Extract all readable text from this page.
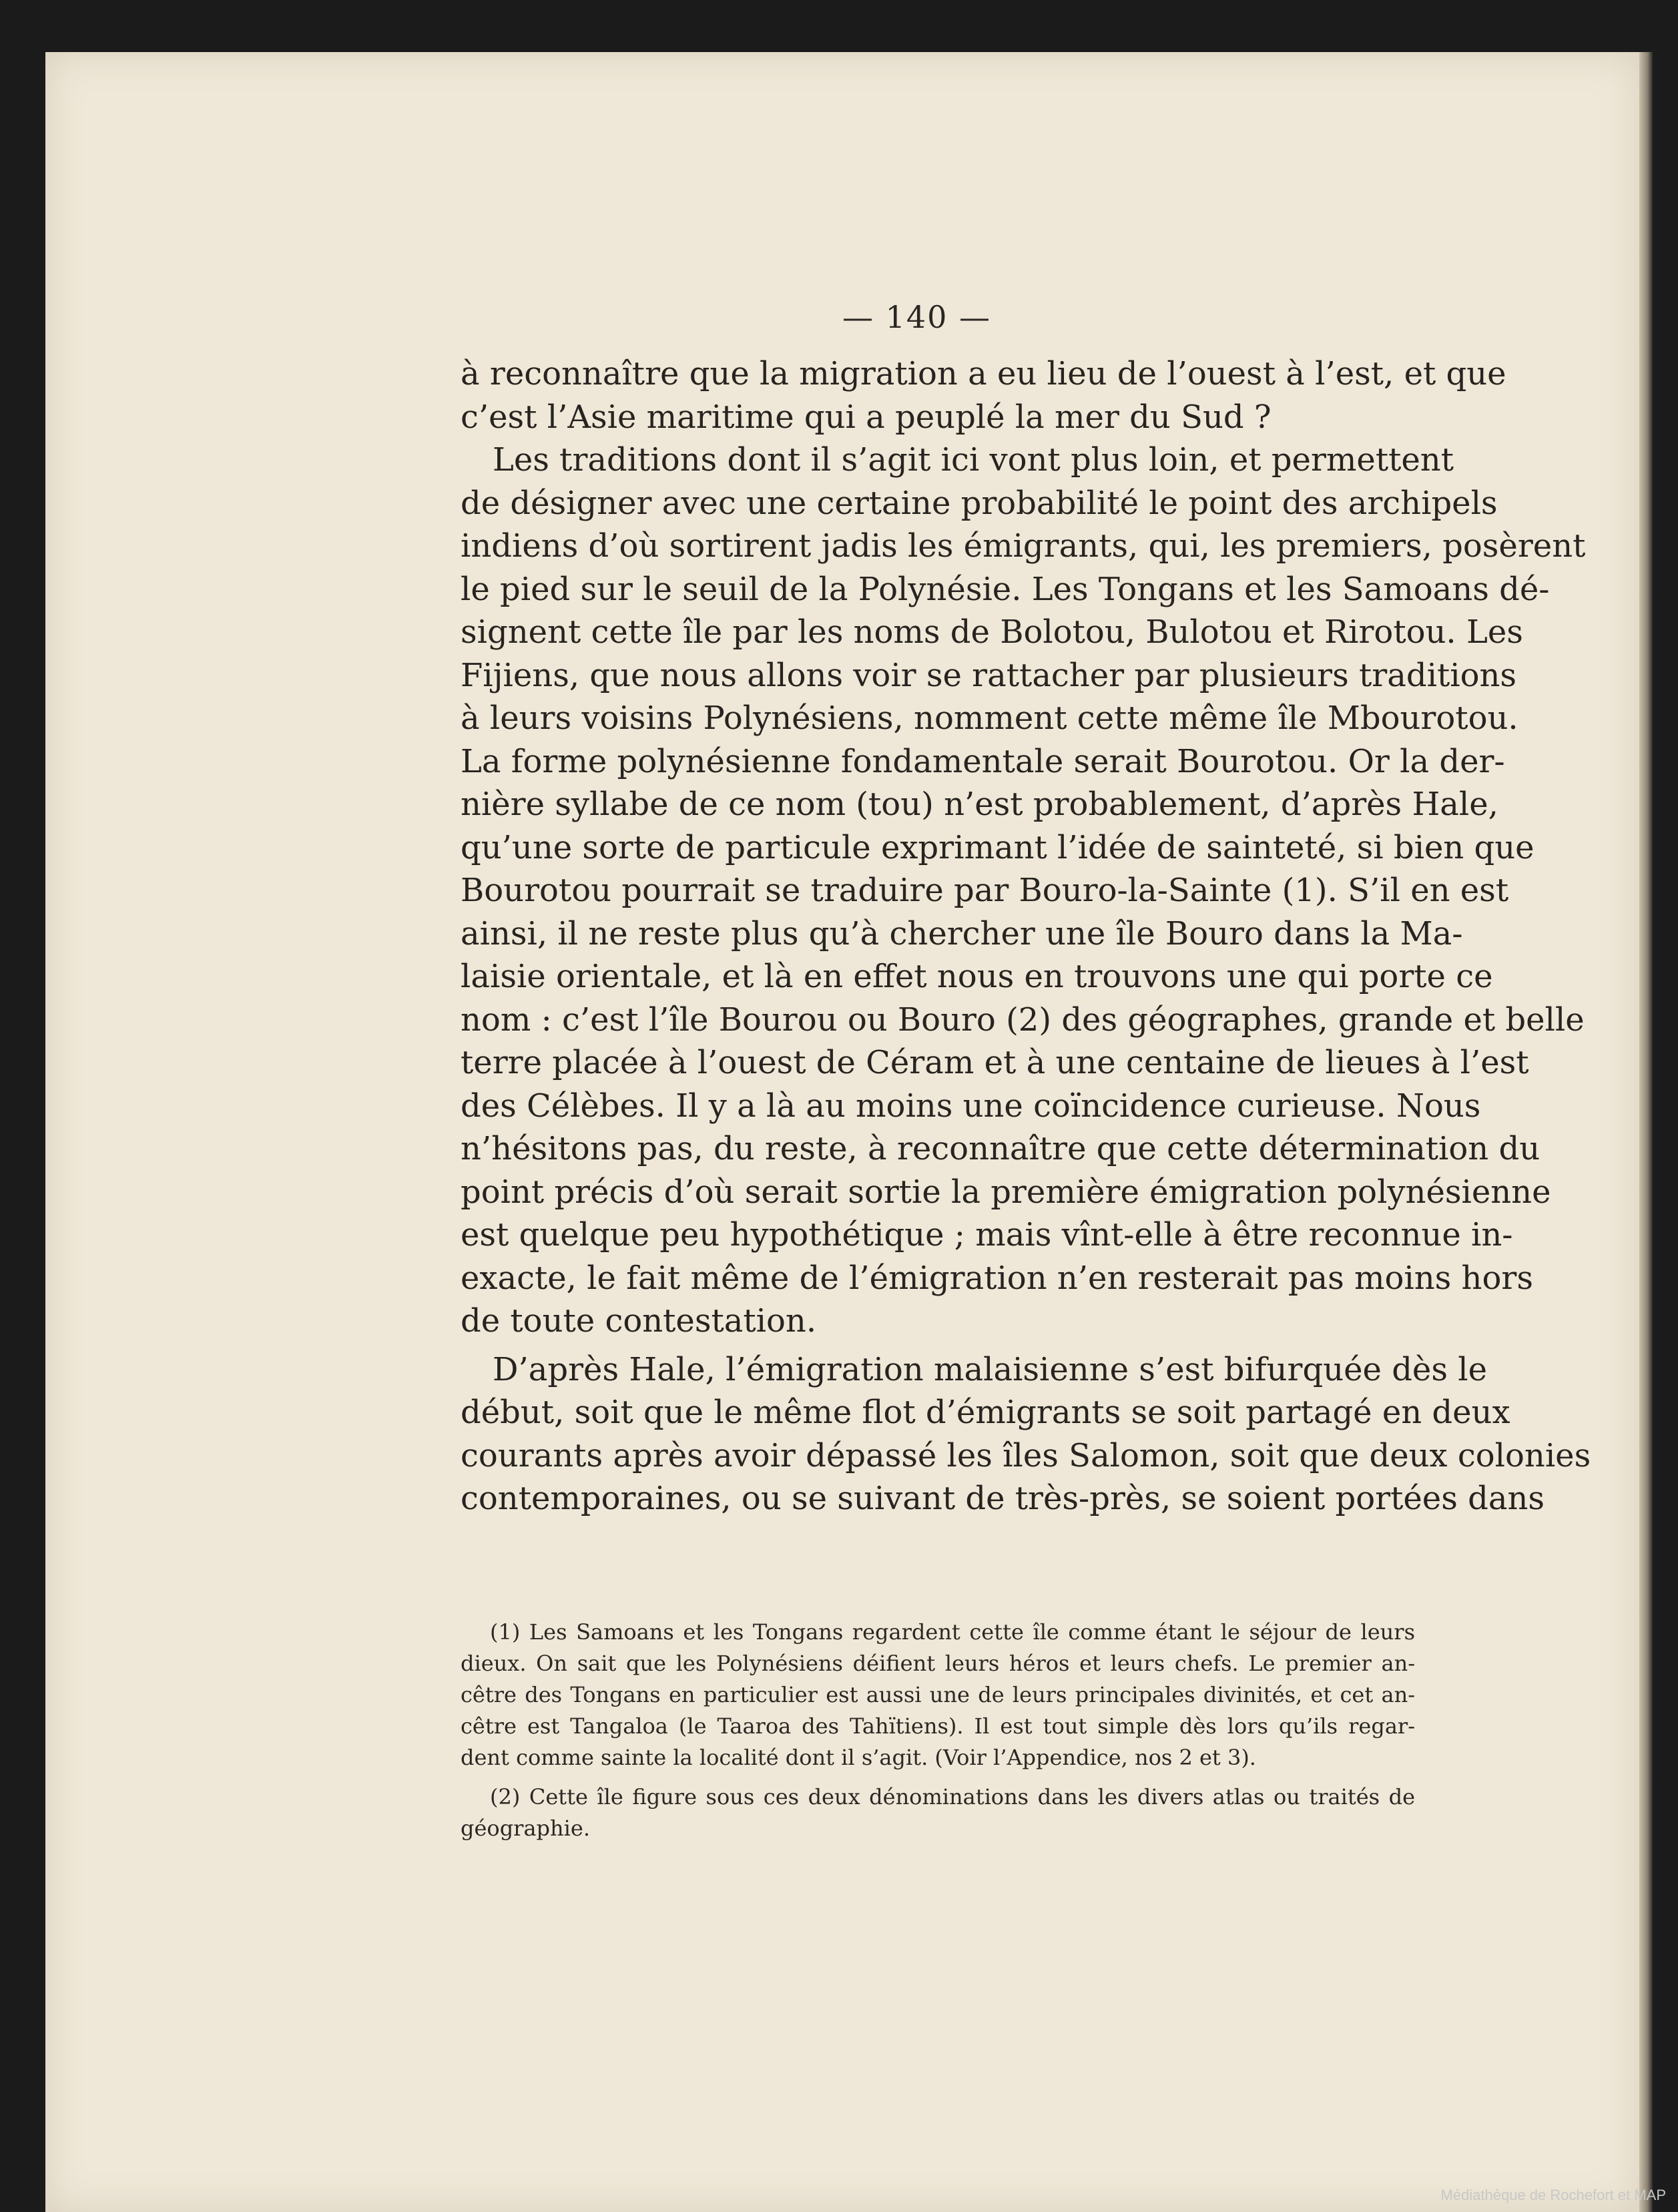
— 140 —
à reconnaître que la migration a eu lieu de l’ouest à l’est, et que
c’est l’Asie maritime qui a peuplé la mer du Sud ?
Les traditions dont il s’agit ici vont plus loin, et permettent
de désigner avec une certaine probabilité le point des archipels
indiens d’où sortirent jadis les émigrants, qui, les premiers, posèrent
le pied sur le seuil de la Polynésie. Les Tongans et les Samoans dé-
signent cette île par les noms de Bolotou, Bulotou et Rirotou. Les
Fijiens, que nous allons voir se rattacher par plusieurs traditions
à leurs voisins Polynésiens, nomment cette même île Mbourotou.
La forme polynésienne fondamentale serait Bourotou. Or la der-
nière syllabe de ce nom (tou) n’est probablement, d’après Hale,
qu’une sorte de particule exprimant l’idée de sainteté, si bien que
Bourotou pourrait se traduire par Bouro-la-Sainte (1). S’il en est
ainsi, il ne reste plus qu’à chercher une île Bouro dans la Ma-
laisie orientale, et là en effet nous en trouvons une qui porte ce
nom : c’est l’île Bourou ou Bouro (2) des géographes, grande et belle
terre placée à l’ouest de Céram et à une centaine de lieues à l’est
des Célèbes. Il y a là au moins une coïncidence curieuse. Nous
n’hésitons pas, du reste, à reconnaître que cette détermination du
point précis d’où serait sortie la première émigration polynésienne
est quelque peu hypothétique ; mais vînt-elle à être reconnue in-
exacte, le fait même de l’émigration n’en resterait pas moins hors
de toute contestation.
D’après Hale, l’émigration malaisienne s’est bifurquée dès le
début, soit que le même flot d’émigrants se soit partagé en deux
courants après avoir dépassé les îles Salomon, soit que deux colonies
contemporaines, ou se suivant de très-près, se soient portées dans
(1) Les Samoans et les Tongans regardent cette île comme étant le séjour de leurs
dieux. On sait que les Polynésiens déifient leurs héros et leurs chefs. Le premier an-
cêtre des Tongans en particulier est aussi une de leurs principales divinités, et cet an-
cêtre est Tangaloa (le Taaroa des Tahïtiens). Il est tout simple dès lors qu’ils regar-
dent comme sainte la localité dont il s’agit. (Voir l’Appendice, nos 2 et 3).
(2) Cette île figure sous ces deux dénominations dans les divers atlas ou traités de
géographie.
Médiathèque de Rochefort et MAP
